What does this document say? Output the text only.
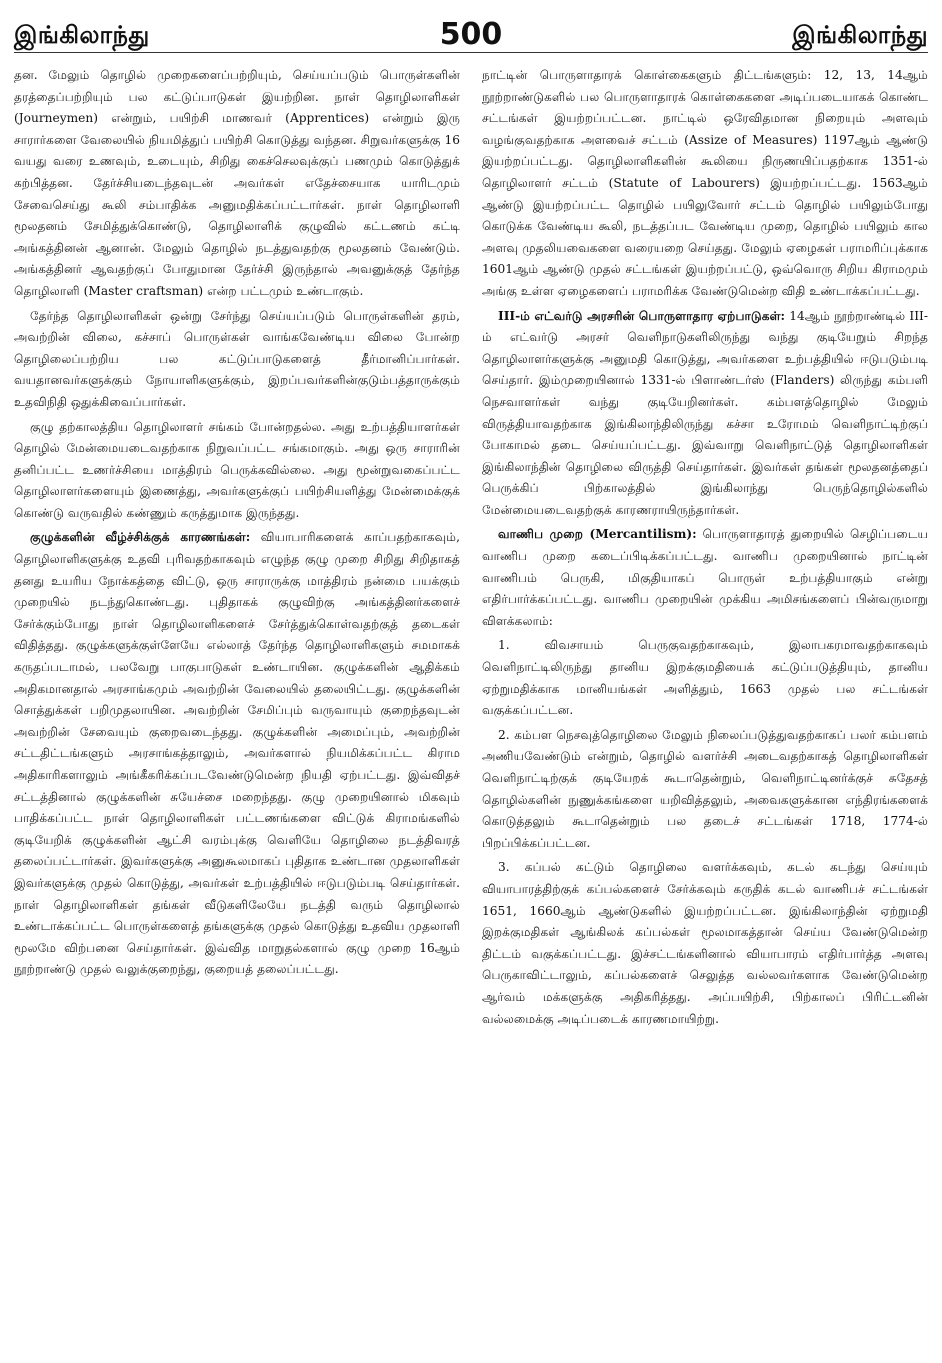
இங்கிலாந்து	500	இங்கிலாந்து

தன. மேலும் தொழில் முறைகளைப்பற்றியும், செய்யப்படும் பொருள்களின் தரத்தைப்பற்றியும் பல கட்டுப்பாடுகள் இயற்றின. நாள் தொழிலாளிகள் (Journeymen) என்றும், பயிற்சி மாணவர் (Apprentices) என்றும் இரு சாரார்களை வேலையில் நியமித்துப் பயிற்சி கொடுத்து வந்தன. சிறுவர்களுக்கு 16 வயது வரை உணவும், உடையும், சிறிது கைச்செலவுக்குப் பணமும் கொடுத்துக் கற்பித்தன. தேர்ச்சியடைந்தவுடன் அவர்கள் எதேச்சையாக யாரிடமும் சேவைசெய்து கூலி சம்பாதிக்க அனுமதிக்கப்பட்டார்கள். நாள் தொழிலாளி மூலதனம் சேமித்துக்கொண்டு, தொழிலாளிக் குழுவில் கட்டணம் கட்டி அங்கத்தினன் ஆனான். மேலும் தொழில் நடத்துவதற்கு மூலதனம் வேண்டும். அங்கத்தினர் ஆவதற்குப் போதுமான தேர்ச்சி இருந்தால் அவனுக்குத் தேர்ந்த தொழிலாளி (Master craftsman) என்ற பட்டமும் உண்டாகும்.

தேர்ந்த தொழிலாளிகள் ஒன்று சேர்ந்து செய்யப்படும் பொருள்களின் தரம், அவற்றின் விலை, கச்சாப் பொருள்கள் வாங்கவேண்டிய விலை போன்ற தொழிலைப்பற்றிய பல கட்டுப்பாடுகளைத் தீர்மானிப்பார்கள். வயதானவர்களுக்கும் நோயாளிகளுக்கும், இறப்பவர்களின்குடும்பத்தாருக்கும் உதவிநிதி ஒதுக்கிவைப்பார்கள்.

குழு தற்காலத்திய தொழிலாளர் சங்கம் போன்றதல்ல. அது உற்பத்தியாளர்கள் தொழில் மேன்மையடைவதற்காக நிறுவப்பட்ட சங்கமாகும். அது ஒரு சாராரின் தனிப்பட்ட உணர்ச்சியை மாத்திரம் பெருக்கவில்லை. அது மூன்றுவகைப்பட்ட தொழிலாளர்களையும் இணைத்து, அவர்களுக்குப் பயிற்சியளித்து மேன்மைக்குக் கொண்டு வருவதில் கண்ணும் கருத்துமாக இருந்தது.

குழுக்களின் வீழ்ச்சிக்குக் காரணங்கள்: வியாபாரிகளைக் காப்பதற்காகவும், தொழிலாளிகளுக்கு உதவி புரிவதற்காகவும் எழுந்த குழு முறை சிறிது சிறிதாகத் தனது உயரிய நோக்கத்தை விட்டு, ஒரு சாராருக்கு மாத்திரம் நன்மை பயக்கும் முறையில் நடந்துகொண்டது. புதிதாகக் குழுவிற்கு அங்கத்தினர்களைச் சேர்க்கும்போது நாள் தொழிலாளிகளைச் சேர்த்துக்கொள்வதற்குத் தடைகள் விதித்தது. குழுக்களுக்குள்ளேயே எல்லாத் தேர்ந்த தொழிலாளிகளும் சமமாகக் கருதப்படாமல், பலவேறு பாகுபாடுகள் உண்டாயின. குழுக்களின் ஆதிக்கம் அதிகமானதால் அரசாங்கமும் அவற்றின் வேலையில் தலையிட்டது. குழுக்களின் சொத்துக்கள் பறிமுதலாயின. அவற்றின் சேமிப்பும் வருவாயும் குறைந்தவுடன் அவற்றின் சேவையும் குறைவடைந்தது. குழுக்களின் அமைப்பும், அவற்றின் சட்டதிட்டங்களும் அரசாங்கத்தாலும், அவர்களால் நியமிக்கப்பட்ட கிராம அதிகாரிகளாலும் அங்கீகரிக்கப்படவேண்டுமென்ற நியதி ஏற்பட்டது. இவ்விதச் சட்டத்தினால் குழுக்களின் சுயேச்சை மறைந்தது. குழு முறையினால் மிகவும் பாதிக்கப்பட்ட நாள் தொழிலாளிகள் பட்டணங்களை விட்டுக் கிராமங்களில் குடியேறிக் குழுக்களின் ஆட்சி வரம்புக்கு வெளியே தொழிலை நடத்திவரத் தலைப்பட்டார்கள். இவர்களுக்கு அனுகூலமாகப் புதிதாக உண்டான முதலாளிகள் இவர்களுக்கு முதல் கொடுத்து, அவர்கள் உற்பத்தியில் ஈடுபடும்படி செய்தார்கள். நாள் தொழிலாளிகள் தங்கள் வீடுகளிலேயே நடத்தி வரும் தொழிலால் உண்டாக்கப்பட்ட பொருள்களைத் தங்களுக்கு முதல் கொடுத்து உதவிய முதலாளி மூலமே விற்பனை செய்தார்கள். இவ்வித மாறுதல்களால் குழு முறை 16ஆம் நூற்றாண்டு முதல் வலுக்குறைந்து, குறையத் தலைப்பட்டது.

நாட்டின் பொருளாதாரக் கொள்கைகளும் திட்டங்களும்: 12, 13, 14ஆம் நூற்றாண்டுகளில் பல பொருளாதாரக் கொள்கைகளை அடிப்படையாகக் கொண்ட சட்டங்கள் இயற்றப்பட்டன. நாட்டில் ஒரேவிதமான நிறையும் அளவும் வழங்குவதற்காக அளவைச் சட்டம் (Assize of Measures) 1197ஆம் ஆண்டு இயற்றப்பட்டது. தொழிலாளிகளின் கூலியை நிருணயிப்பதற்காக 1351-ல் தொழிலாளர் சட்டம் (Statute of Labourers) இயற்றப்பட்டது. 1563ஆம் ஆண்டு இயற்றப்பட்ட தொழில் பயிலுவோர் சட்டம் தொழில் பயிலும்போது கொடுக்க வேண்டிய கூலி, நடத்தப்பட வேண்டிய முறை, தொழில் பயிலும் கால அளவு முதலியவைகளை வரையறை செய்தது. மேலும் ஏழைகள் பராமரிப்புக்காக 1601ஆம் ஆண்டு முதல் சட்டங்கள் இயற்றப்பட்டு, ஒவ்வொரு சிறிய கிராமமும் அங்கு உள்ள ஏழைகளைப் பராமரிக்க வேண்டுமென்ற விதி உண்டாக்கப்பட்டது.

III-ம் எட்வர்டு அரசரின் பொருளாதார ஏற்பாடுகள்: 14ஆம் நூற்றாண்டில் III-ம் எட்வர்டு அரசர் வெளிநாடுகளிலிருந்து வந்து குடியேறும் சிறந்த தொழிலாளர்களுக்கு அனுமதி கொடுத்து, அவர்களை உற்பத்தியில் ஈடுபடும்படி செய்தார். இம்முறையினால் 1331-ல் பிளாண்டர்ஸ் (Flanders) லிருந்து கம்பளி நெசவாளர்கள் வந்து குடியேறினர்கள். கம்பளத்தொழில் மேலும் விருத்தியாவதற்காக இங்கிலாந்திலிருந்து கச்சா உரோமம் வெளிநாட்டிற்குப் போகாமல் தடை செய்யப்பட்டது. இவ்வாறு வெளிநாட்டுத் தொழிலாளிகள் இங்கிலாந்தின் தொழிலை விருத்தி செய்தார்கள். இவர்கள் தங்கள் மூலதனத்தைப் பெருக்கிப் பிற்காலத்தில் இங்கிலாந்து பெருந்தொழில்களில் மேன்மையடைவதற்குக் காரணராயிருந்தார்கள்.

வாணிப முறை (Mercantilism): பொருளாதாரத் துறையில் செழிப்படைய வாணிப முறை கடைப்பிடிக்கப்பட்டது. வாணிப முறையினால் நாட்டின் வாணிபம் பெருகி, மிகுதியாகப் பொருள் உற்பத்தியாகும் என்று எதிர்பார்க்கப்பட்டது. வாணிப முறையின் முக்கிய அமிசங்களைப் பின்வருமாறு விளக்கலாம்:

1. விவசாயம் பெருகுவதற்காகவும், இலாபகரமாவதற்காகவும் வெளிநாட்டிலிருந்து தானிய இறக்குமதியைக் கட்டுப்படுத்தியும், தானிய ஏற்றுமதிக்காக மானியங்கள் அளித்தும், 1663 முதல் பல சட்டங்கள் வகுக்கப்பட்டன.

2. கம்பள நெசவுத்தொழிலை மேலும் நிலைப்படுத்துவதற்காகப் பலர் கம்பளம் அணியவேண்டும் என்றும், தொழில் வளர்ச்சி அடைவதற்காகத் தொழிலாளிகள் வெளிநாட்டிற்குக் குடியேறக் கூடாதென்றும், வெளிநாட்டினர்க்குச் சுதேசத் தொழில்களின் நுணுக்கங்களை யறிவித்தலும், அவைகளுக்கான எந்திரங்களைக் கொடுத்தலும் கூடாதென்றும் பல தடைச் சட்டங்கள் 1718, 1774-ல் பிறப்பிக்கப்பட்டன.

3. கப்பல் கட்டும் தொழிலை வளர்க்கவும், கடல் கடந்து செய்யும் வியாபாரத்திற்குக் கப்பல்களைச் சேர்க்கவும் கருதிக் கடல் வாணிபச் சட்டங்கள் 1651, 1660ஆம் ஆண்டுகளில் இயற்றப்பட்டன. இங்கிலாந்தின் ஏற்றுமதி இறக்குமதிகள் ஆங்கிலக் கப்பல்கள் மூலமாகத்தான் செய்ய வேண்டுமென்ற திட்டம் வகுக்கப்பட்டது. இச்சட்டங்களினால் வியாபாரம் எதிர்பார்த்த அளவு பெருகாவிட்டாலும், கப்பல்களைச் செலுத்த வல்லவர்களாக வேண்டுமென்ற ஆர்வம் மக்களுக்கு அதிகரித்தது. அப்பயிற்சி, பிற்காலப் பிரிட்டனின் வல்லமைக்கு அடிப்படைக் காரணமாயிற்று.
